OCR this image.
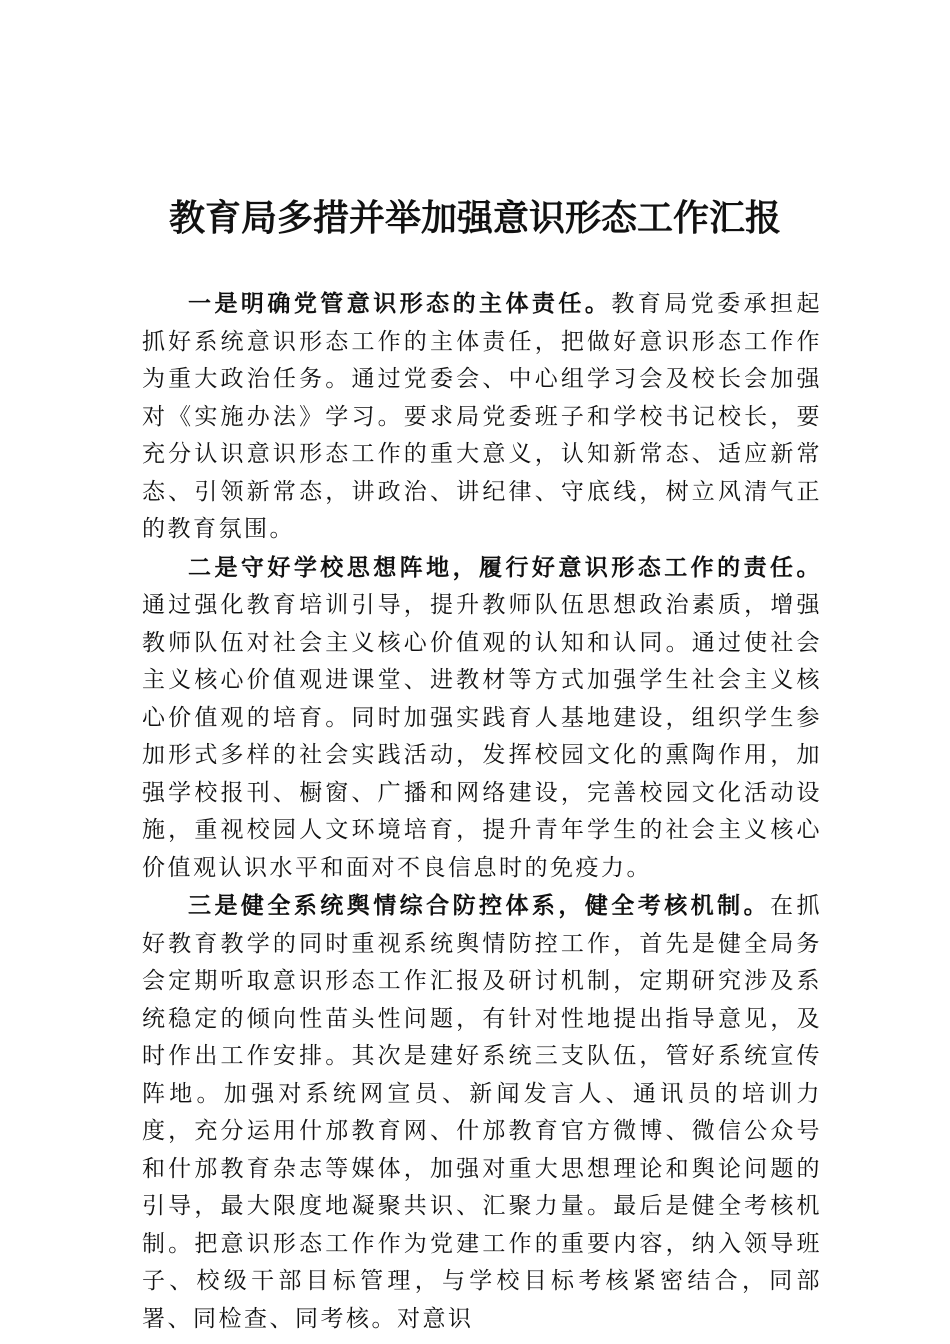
教育局多措并举加强意识形态工作汇报

一是明确党管意识形态的主体责任。教育局党委承担起抓好系统意识形态工作的主体责任，把做好意识形态工作作为重大政治任务。通过党委会、中心组学习会及校长会加强对《实施办法》学习。要求局党委班子和学校书记校长，要充分认识意识形态工作的重大意义，认知新常态、适应新常态、引领新常态，讲政治、讲纪律、守底线，树立风清气正的教育氛围。

二是守好学校思想阵地，履行好意识形态工作的责任。通过强化教育培训引导，提升教师队伍思想政治素质，增强教师队伍对社会主义核心价值观的认知和认同。通过使社会主义核心价值观进课堂、进教材等方式加强学生社会主义核心价值观的培育。同时加强实践育人基地建设，组织学生参加形式多样的社会实践活动，发挥校园文化的熏陶作用，加强学校报刊、橱窗、广播和网络建设，完善校园文化活动设施，重视校园人文环境培育，提升青年学生的社会主义核心价值观认识水平和面对不良信息时的免疫力。

三是健全系统舆情综合防控体系，健全考核机制。在抓好教育教学的同时重视系统舆情防控工作，首先是健全局务会定期听取意识形态工作汇报及研讨机制，定期研究涉及系统稳定的倾向性苗头性问题，有针对性地提出指导意见，及时作出工作安排。其次是建好系统三支队伍，管好系统宣传阵地。加强对系统网宣员、新闻发言人、通讯员的培训力度，充分运用什邡教育网、什邡教育官方微博、微信公众号和什邡教育杂志等媒体，加强对重大思想理论和舆论问题的引导，最大限度地凝聚共识、汇聚力量。最后是健全考核机制。把意识形态工作作为党建工作的重要内容，纳入领导班子、校级干部目标管理，与学校目标考核紧密结合，同部署、同检查、同考核。对意识
